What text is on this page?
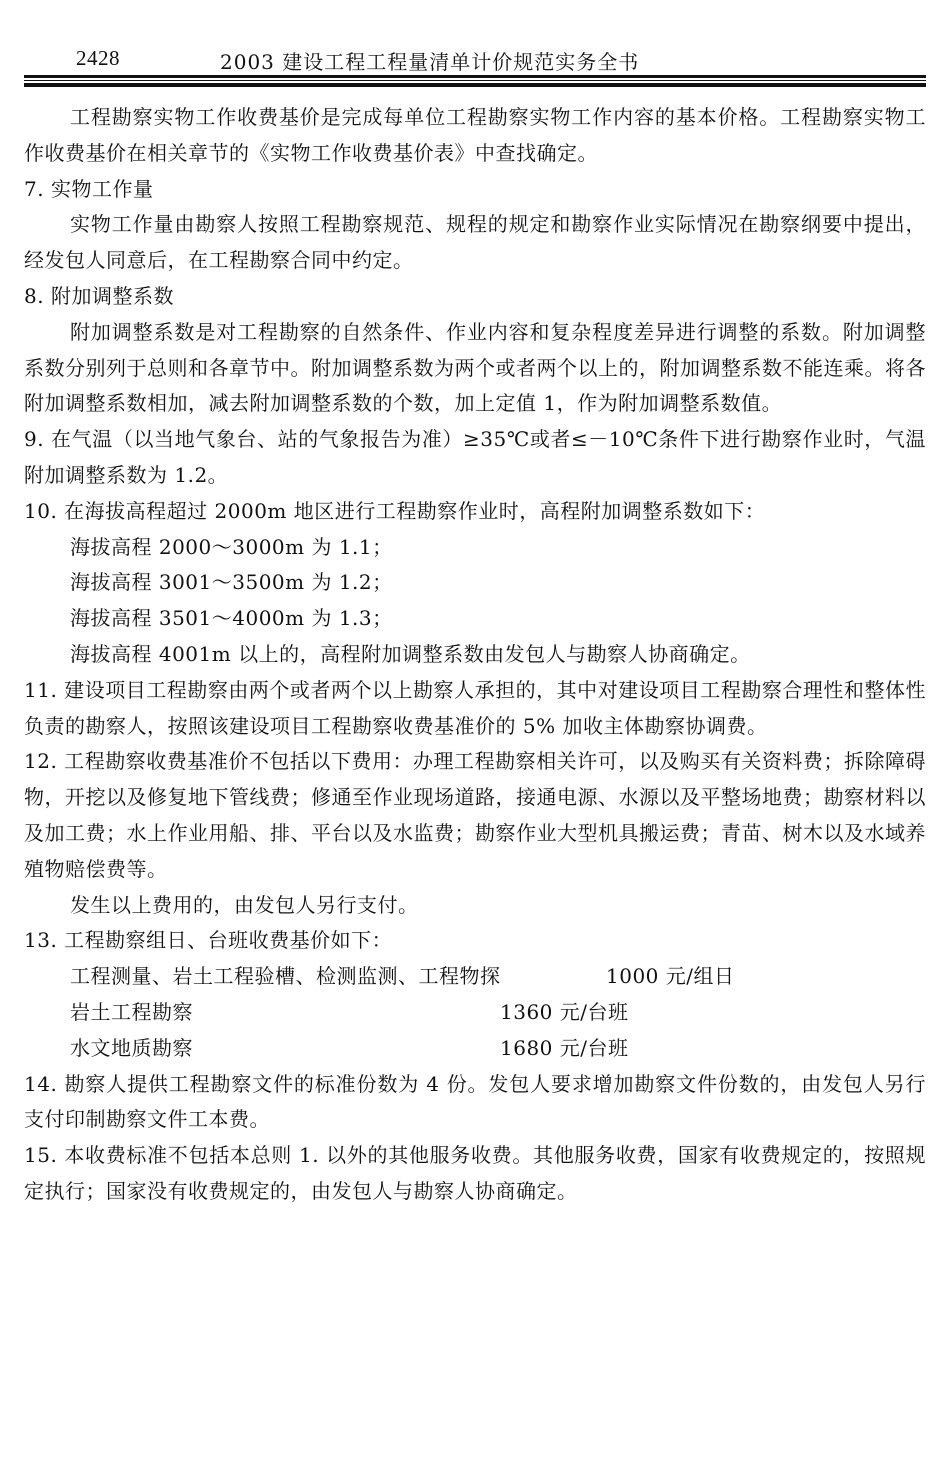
2428	2003 建设工程工程量清单计价规范实务全书

工程勘察实物工作收费基价是完成每单位工程勘察实物工作内容的基本价格。工程勘察实物工作收费基价在相关章节的《实物工作收费基价表》中查找确定。

7. 实物工作量

实物工作量由勘察人按照工程勘察规范、规程的规定和勘察作业实际情况在勘察纲要中提出，经发包人同意后，在工程勘察合同中约定。

8. 附加调整系数

附加调整系数是对工程勘察的自然条件、作业内容和复杂程度差异进行调整的系数。附加调整系数分别列于总则和各章节中。附加调整系数为两个或者两个以上的，附加调整系数不能连乘。将各附加调整系数相加，减去附加调整系数的个数，加上定值 1，作为附加调整系数值。

9. 在气温（以当地气象台、站的气象报告为准）≥35℃或者≤－10℃条件下进行勘察作业时，气温附加调整系数为 1.2。

10. 在海拔高程超过 2000m 地区进行工程勘察作业时，高程附加调整系数如下：

海拔高程 2000～3000m 为 1.1；

海拔高程 3001～3500m 为 1.2；

海拔高程 3501～4000m 为 1.3；

海拔高程 4001m 以上的，高程附加调整系数由发包人与勘察人协商确定。

11. 建设项目工程勘察由两个或者两个以上勘察人承担的，其中对建设项目工程勘察合理性和整体性负责的勘察人，按照该建设项目工程勘察收费基准价的 5% 加收主体勘察协调费。

12. 工程勘察收费基准价不包括以下费用：办理工程勘察相关许可，以及购买有关资料费；拆除障碍物，开挖以及修复地下管线费；修通至作业现场道路，接通电源、水源以及平整场地费；勘察材料以及加工费；水上作业用船、排、平台以及水监费；勘察作业大型机具搬运费；青苗、树木以及水域养殖物赔偿费等。

发生以上费用的，由发包人另行支付。

13. 工程勘察组日、台班收费基价如下：

工程测量、岩土工程验槽、检测监测、工程物探	1000 元/组日
岩土工程勘察	1360 元/台班
水文地质勘察	1680 元/台班

14. 勘察人提供工程勘察文件的标准份数为 4 份。发包人要求增加勘察文件份数的，由发包人另行支付印制勘察文件工本费。

15. 本收费标准不包括本总则 1. 以外的其他服务收费。其他服务收费，国家有收费规定的，按照规定执行；国家没有收费规定的，由发包人与勘察人协商确定。
